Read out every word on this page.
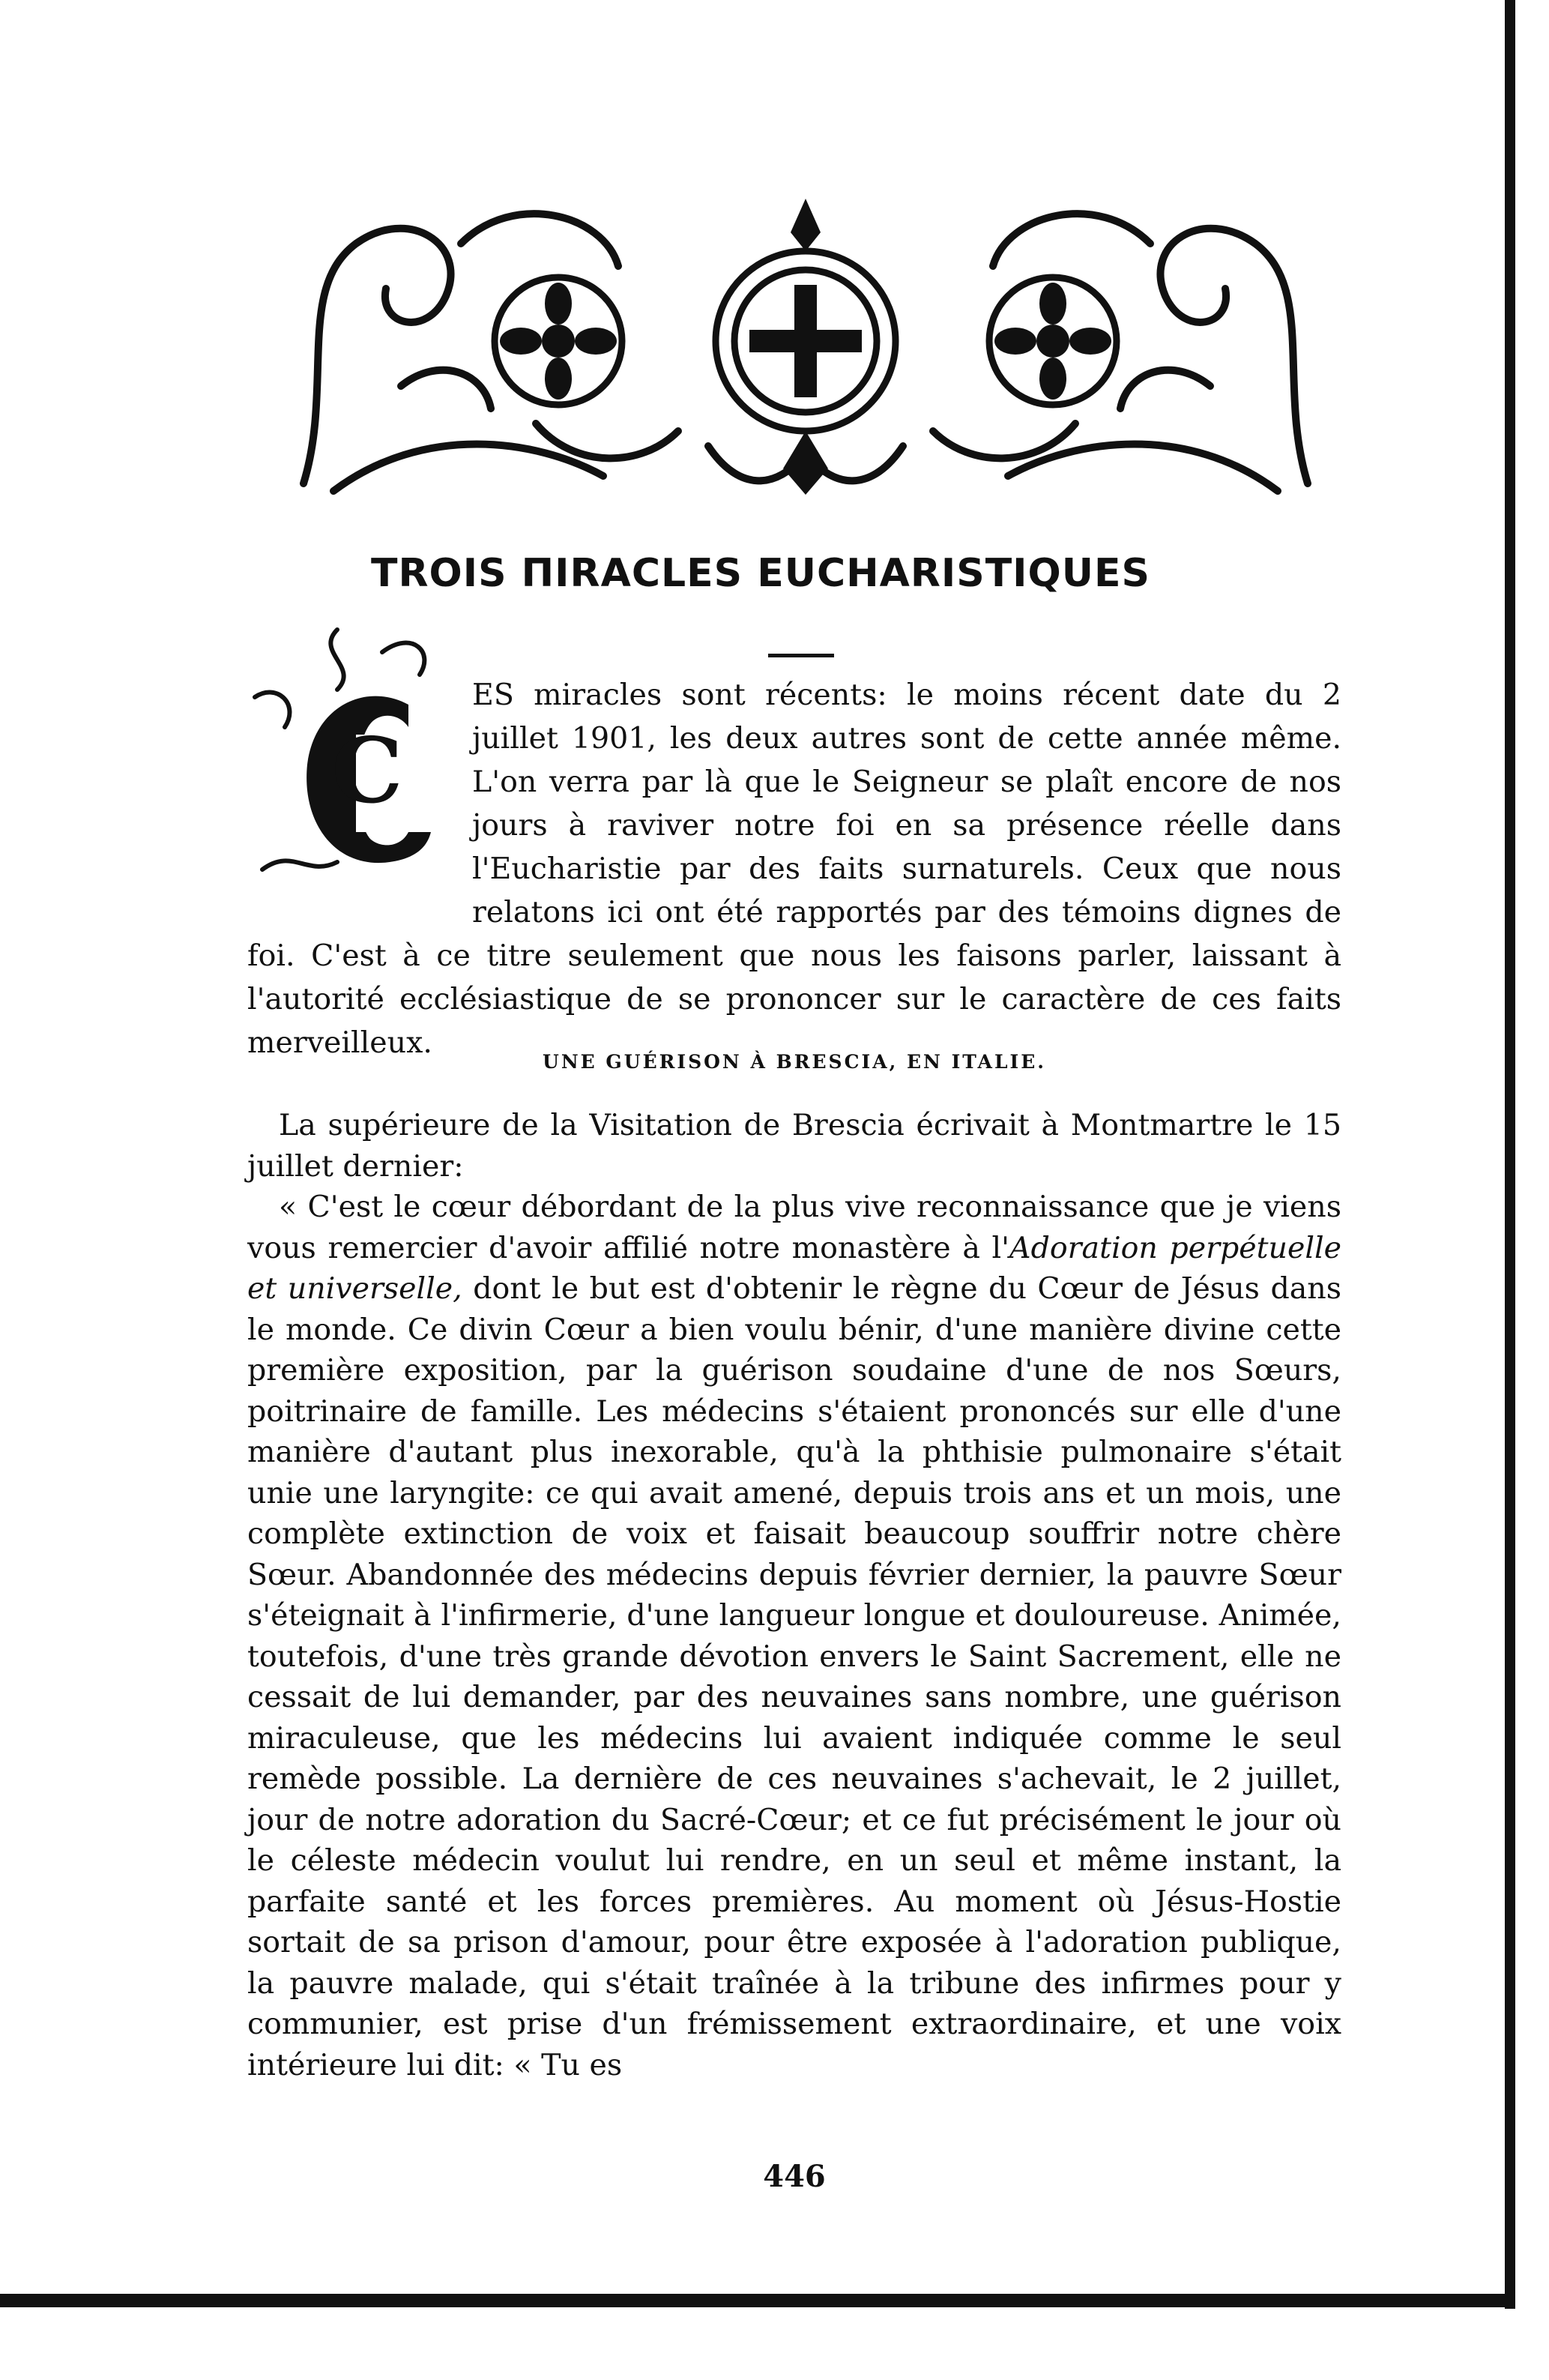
TROIS ΠIRACLES EUCHARISTIQUES
C

ES miracles sont récents: le moins récent date du 2 juillet 1901, les deux autres sont de cette année même. L'on verra par là que le Seigneur se plaît encore de nos jours à raviver notre foi en sa présence réelle dans l'Eucharistie par des faits surnaturels. Ceux que nous relatons ici ont été rapportés par des témoins dignes de foi. C'est à ce titre seulement que nous les faisons parler, laissant à l'autorité ecclésiastique de se prononcer sur le caractère de ces faits merveilleux.

UNE GUÉRISON À BRESCIA, EN ITALIE.

La supérieure de la Visitation de Brescia écrivait à Montmartre le 15 juillet dernier:

« C'est le cœur débordant de la plus vive reconnaissance que je viens vous remercier d'avoir affilié notre monastère à l'Adoration perpétuelle et universelle, dont le but est d'obtenir le règne du Cœur de Jésus dans le monde. Ce divin Cœur a bien voulu bénir, d'une manière divine cette première exposition, par la guérison soudaine d'une de nos Sœurs, poitrinaire de famille. Les médecins s'étaient prononcés sur elle d'une manière d'autant plus inexorable, qu'à la phthisie pulmonaire s'était unie une laryngite: ce qui avait amené, depuis trois ans et un mois, une complète extinction de voix et faisait beaucoup souffrir notre chère Sœur. Abandonnée des médecins depuis février dernier, la pauvre Sœur s'éteignait à l'infirmerie, d'une langueur longue et douloureuse. Animée, toutefois, d'une très grande dévotion envers le Saint Sacrement, elle ne cessait de lui demander, par des neuvaines sans nombre, une guérison miraculeuse, que les médecins lui avaient indiquée comme le seul remède possible. La dernière de ces neuvaines s'achevait, le 2 juillet, jour de notre adoration du Sacré-Cœur; et ce fut précisément le jour où le céleste médecin voulut lui rendre, en un seul et même instant, la parfaite santé et les forces premières. Au moment où Jésus-Hostie sortait de sa prison d'amour, pour être exposée à l'adoration publique, la pauvre malade, qui s'était traînée à la tribune des infirmes pour y communier, est prise d'un frémissement extraordinaire, et une voix intérieure lui dit: « Tu es

446
